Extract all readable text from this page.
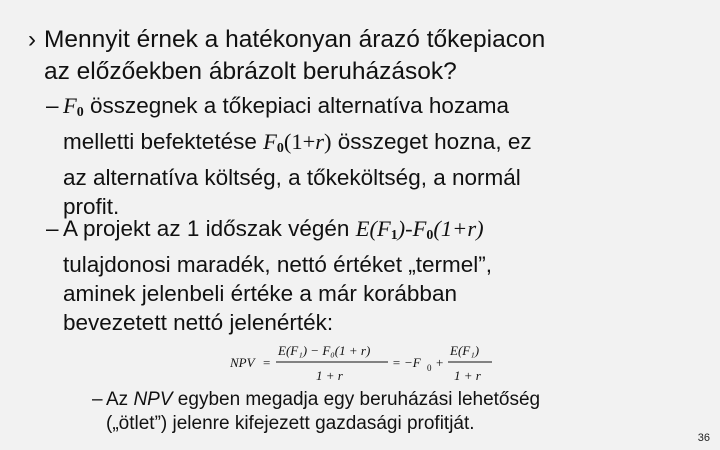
› Mennyit érnek a hatékonyan árazó tőkepiacon
az előzőekben ábrázolt beruházások?
– $F_0$ összegnek a tőkepiaci alternatíva hozama
melletti befektetése $F_0(1+r)$ összeget hozna, ez
az alternatíva költség, a tőkeköltség, a normál
profit.
– A projekt az 1 időszak végén $E(F_1)-F_0(1+r)$
tulajdonosi maradék, nettó értéket „termel”,
aminek jelenbeli értéke a már korábban
bevezetett nettó jelenérték:
NPV =
E(F₁) − F₀(1 + r)
1 + r
= −F 0 +
E(F₁)
1 + r
– Az NPV egyben megadja egy beruházási lehetőség
(„ötlet”) jelenre kifejezett gazdasági profitját.
36
